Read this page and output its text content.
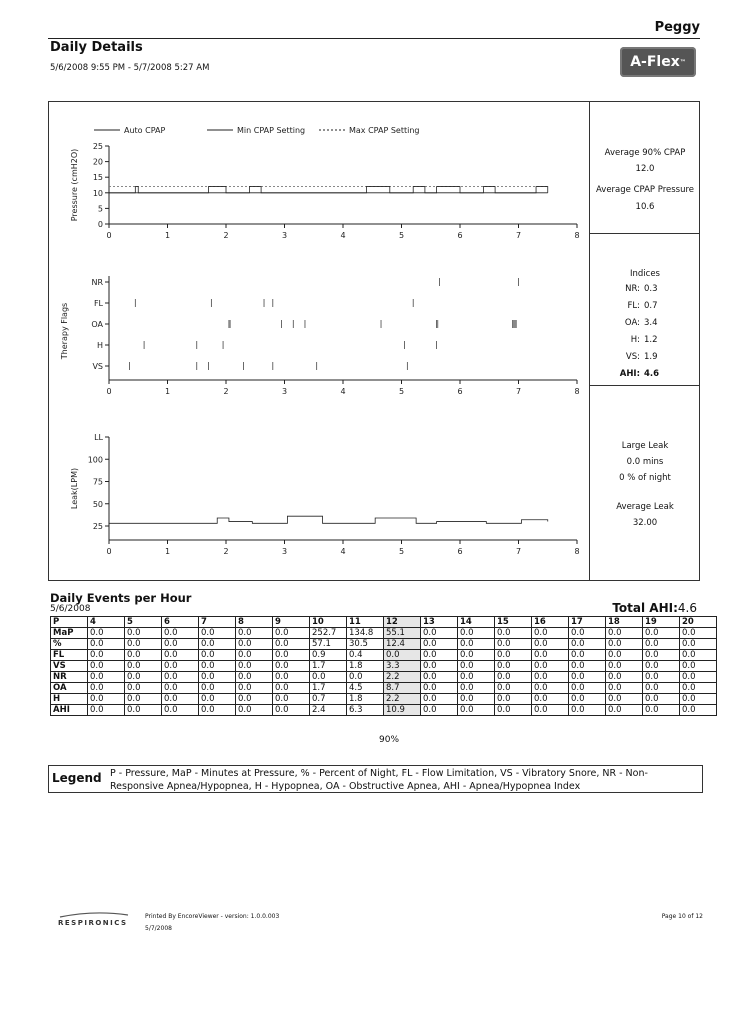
Peggy
Daily Details
5/6/2008 9:55 PM - 5/7/2008 5:27 AM	A-Flex ™
Auto CPAP	Min CPAP Setting	Max CPAP Setting
0
5
10
15
20
25
Pressure (cmH2O)
0	1	2	3	4	5	6	7	8
VS
H
OA
FL
NR
Therapy Flags
0	1	2	3	4	5	6	7	8
25
50
75
100
LL
Leak(LPM)
0	1	2	3	4	5	6	7	8
Average 90% CPAP
12.0
Average CPAP Pressure
10.6
Indices
NR: 0.3
FL: 0.7
OA: 3.4
H: 1.2
VS: 1.9
AHI: 4.6
Large Leak
0.0 mins
0 % of night
Average Leak
32.00
Daily Events per Hour
5/6/2008	Total AHI:4.6
P	4	5	6	7	8	9	10	11	12	13	14	15	16	17	18	19	20
MaP	0.0	0.0	0.0	0.0	0.0	0.0	252.7	134.8	55.1	0.0	0.0	0.0	0.0	0.0	0.0	0.0	0.0
%	0.0	0.0	0.0	0.0	0.0	0.0	57.1	30.5	12.4	0.0	0.0	0.0	0.0	0.0	0.0	0.0	0.0
FL	0.0	0.0	0.0	0.0	0.0	0.0	0.9	0.4	0.0	0.0	0.0	0.0	0.0	0.0	0.0	0.0	0.0
VS	0.0	0.0	0.0	0.0	0.0	0.0	1.7	1.8	3.3	0.0	0.0	0.0	0.0	0.0	0.0	0.0	0.0
NR	0.0	0.0	0.0	0.0	0.0	0.0	0.0	0.0	2.2	0.0	0.0	0.0	0.0	0.0	0.0	0.0	0.0
OA	0.0	0.0	0.0	0.0	0.0	0.0	1.7	4.5	8.7	0.0	0.0	0.0	0.0	0.0	0.0	0.0	0.0
H	0.0	0.0	0.0	0.0	0.0	0.0	0.7	1.8	2.2	0.0	0.0	0.0	0.0	0.0	0.0	0.0	0.0
AHI	0.0	0.0	0.0	0.0	0.0	0.0	2.4	6.3	10.9	0.0	0.0	0.0	0.0	0.0	0.0	0.0	0.0
90%
Legend P - Pressure, MaP - Minutes at Pressure, % - Percent of Night, FL - Flow Limitation, VS - Vibratory Snore, NR - Non-Responsive Apnea/Hypopnea, H - Hypopnea, OA - Obstructive Apnea, AHI - Apnea/Hypopnea Index
RESPIRONICS
Printed By EncoreViewer - version: 1.0.0.003
5/7/2008
Page 10 of 12
